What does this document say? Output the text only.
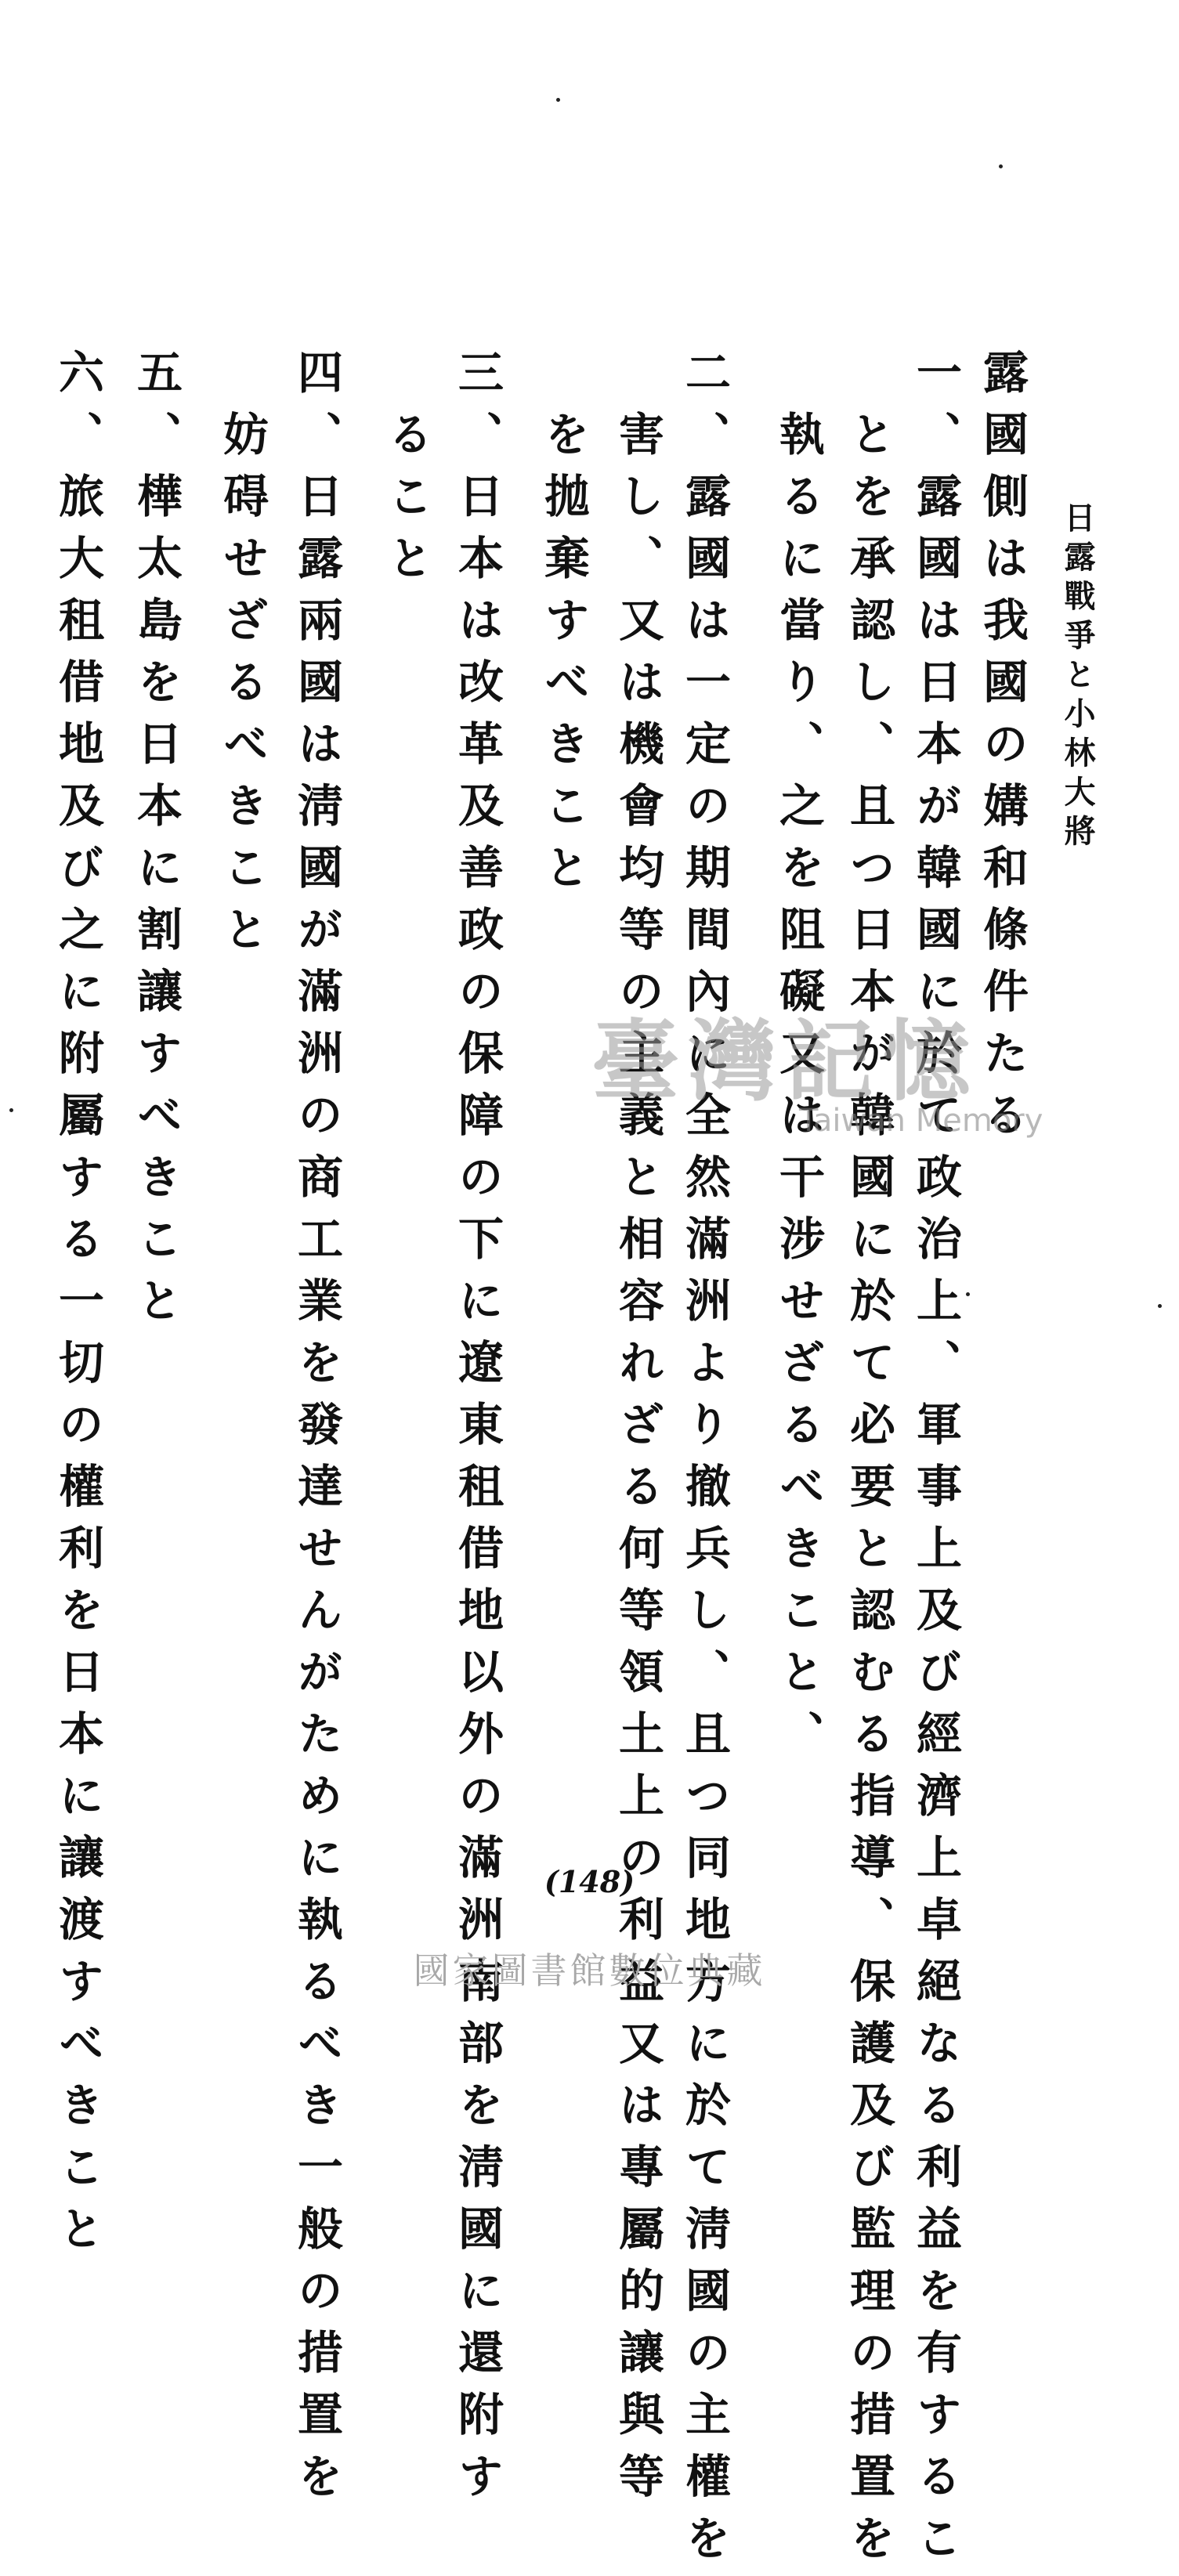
日露戰爭と小林大將
露國側は我國の媾和條件たる
一、露國は日本が韓國に於て政治上、軍事上及び經濟上卓絕なる利益を有するこ
とを承認し、且つ日本が韓國に於て必要と認むる指導、保護及び監理の措置を
執るに當り、之を阻礙又は干涉せざるべきこと、
二、露國は一定の期間內に全然滿洲より撤兵し、且つ同地方に於て淸國の主權を
害し、又は機會均等の主義と相容れざる何等領土上の利益又は專屬的讓與等
を拋棄すべきこと
三、日本は改革及善政の保障の下に遼東租借地以外の滿洲南部を淸國に還附す
ること
四、日露兩國は淸國が滿洲の商工業を發達せんがために執るべき一般の措置を
妨碍せざるべきこと
五、樺太島を日本に割讓すべきこと
六、旅大租借地及び之に附屬する一切の權利を日本に讓渡すべきこと	臺灣記憶
Taiwan Memory
(148)
國家圖書館數位典藏
